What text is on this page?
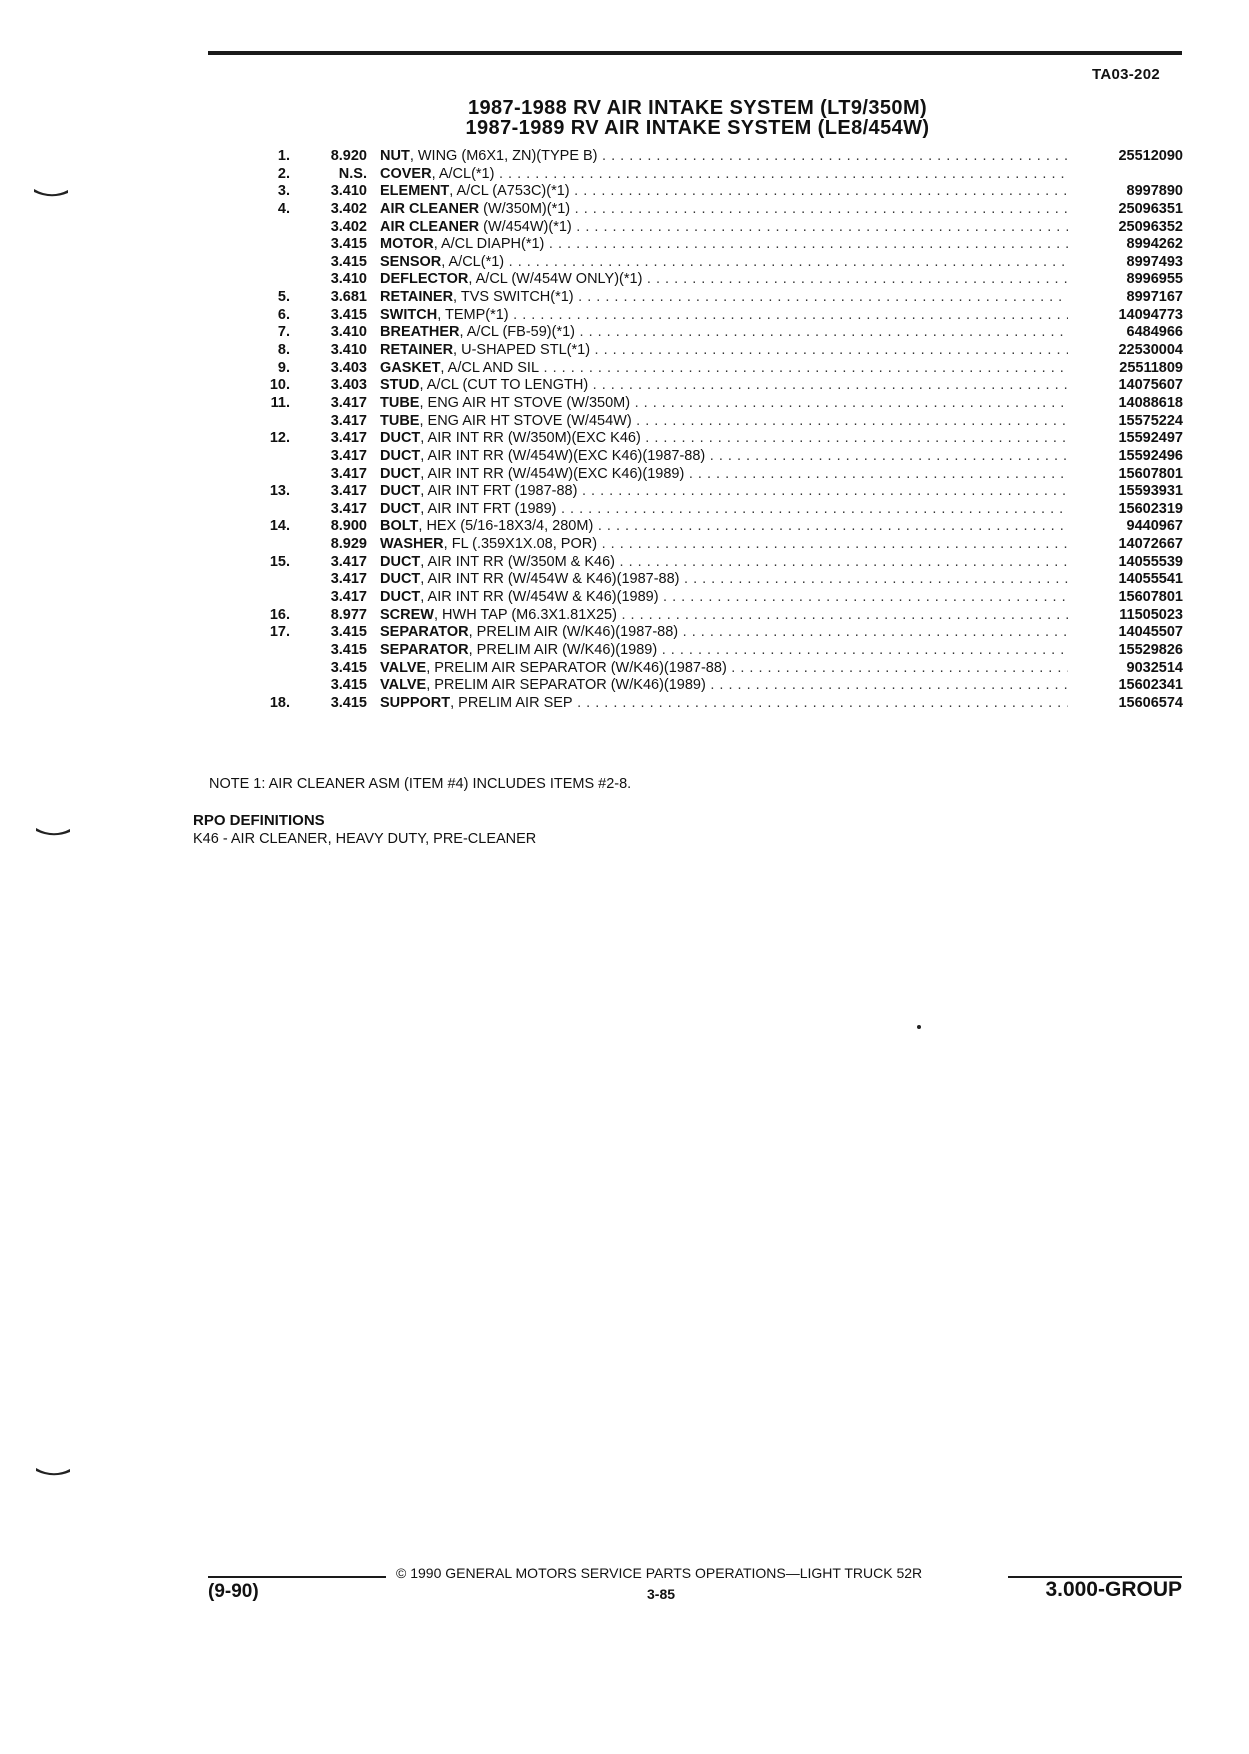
TA03-202
1987-1988 RV AIR INTAKE SYSTEM (LT9/350M)
1987-1989 RV AIR INTAKE SYSTEM (LE8/454W)
1.	8.920 NUT, WING (M6X1, ZN)(TYPE B) . . .	25512090
2.	N.S. COVER, A/CL(*1) . . .
3.	3.410 ELEMENT, A/CL (A753C)(*1) . . .	8997890
4.	3.402 AIR CLEANER (W/350M)(*1) . . .	25096351
3.402 AIR CLEANER (W/454W)(*1) . . .	25096352
3.415 MOTOR, A/CL DIAPH(*1) . . .	8994262
3.415 SENSOR, A/CL(*1) . . .	8997493
3.410 DEFLECTOR, A/CL (W/454W ONLY)(*1) . . .	8996955
5.	3.681 RETAINER, TVS SWITCH(*1) . . .	8997167
6.	3.415 SWITCH, TEMP(*1) . . .	14094773
7.	3.410 BREATHER, A/CL (FB-59)(*1) . . .	6484966
8.	3.410 RETAINER, U-SHAPED STL(*1) . . .	22530004
9.	3.403 GASKET, A/CL AND SIL . . .	25511809
10.	3.403 STUD, A/CL (CUT TO LENGTH) . . .	14075607
11.	3.417 TUBE, ENG AIR HT STOVE (W/350M) . . .	14088618
3.417 TUBE, ENG AIR HT STOVE (W/454W) . . .	15575224
12.	3.417 DUCT, AIR INT RR (W/350M)(EXC K46) . . .	15592497
3.417 DUCT, AIR INT RR (W/454W)(EXC K46)(1987-88) . . .	15592496
3.417 DUCT, AIR INT RR (W/454W)(EXC K46)(1989) . . .	15607801
13.	3.417 DUCT, AIR INT FRT (1987-88) . . .	15593931
3.417 DUCT, AIR INT FRT (1989) . . .	15602319
14.	8.900 BOLT, HEX (5/16-18X3/4, 280M) . . .	9440967
8.929 WASHER, FL (.359X1X.08, POR) . . .	14072667
15.	3.417 DUCT, AIR INT RR (W/350M & K46) . . .	14055539
3.417 DUCT, AIR INT RR (W/454W & K46)(1987-88) . . .	14055541
3.417 DUCT, AIR INT RR (W/454W & K46)(1989) . . .	15607801
16.	8.977 SCREW, HWH TAP (M6.3X1.81X25) . . .	11505023
17.	3.415 SEPARATOR, PRELIM AIR (W/K46)(1987-88) . . .	14045507
3.415 SEPARATOR, PRELIM AIR (W/K46)(1989) . . .	15529826
3.415 VALVE, PRELIM AIR SEPARATOR (W/K46)(1987-88) . . .	9032514
3.415 VALVE, PRELIM AIR SEPARATOR (W/K46)(1989) . . .	15602341
18.	3.415 SUPPORT, PRELIM AIR SEP . . .	15606574
NOTE 1: AIR CLEANER ASM (ITEM #4) INCLUDES ITEMS #2-8.
RPO DEFINITIONS
K46 - AIR CLEANER, HEAVY DUTY, PRE-CLEANER
© 1990 GENERAL MOTORS SERVICE PARTS OPERATIONS—LIGHT TRUCK 52R
(9-90)	3-85	3.000-GROUP
